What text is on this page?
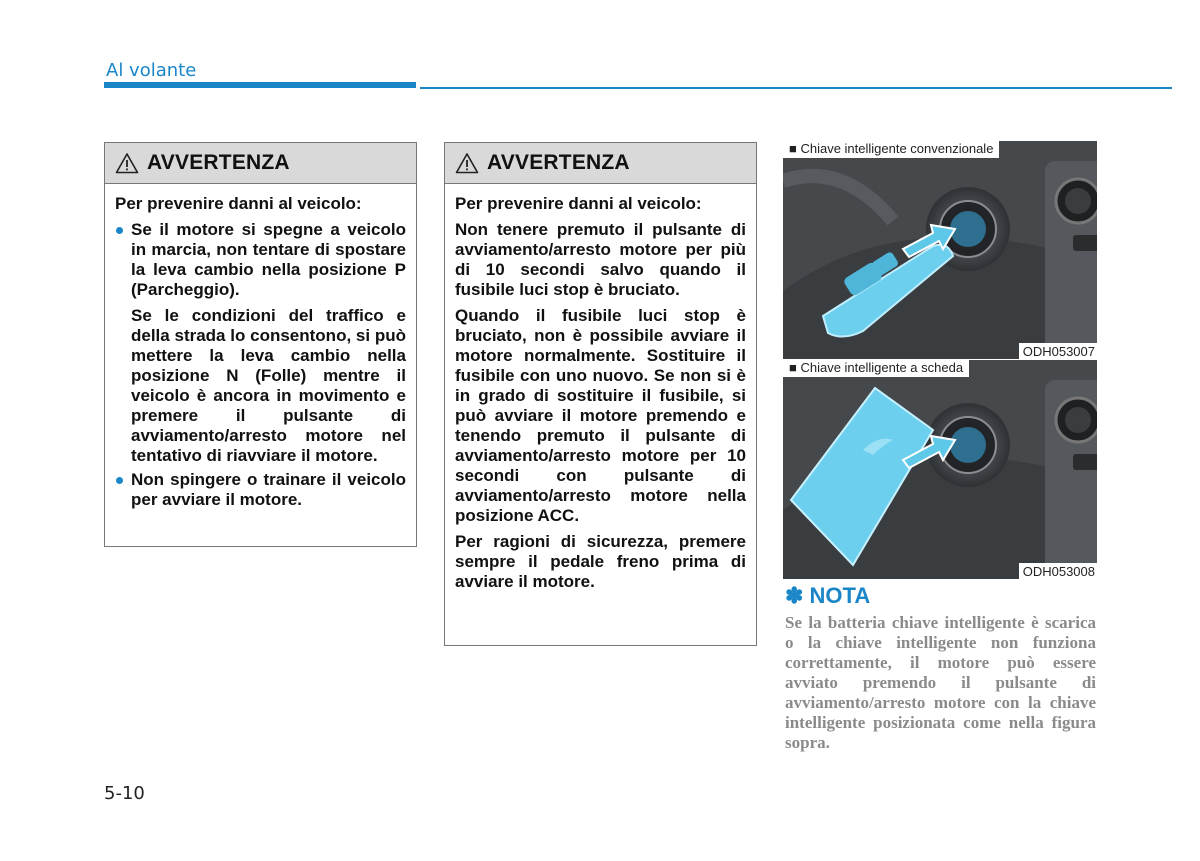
Al volante
AVVERTENZA

Per prevenire danni al veicolo:

Se il motore si spegne a veicolo in marcia, non tentare di spostare la leva cambio nella posizione P (Parcheggio).

Se le condizioni del traffico e della strada lo consentono, si può mettere la leva cambio nella posizione N (Folle) mentre il veicolo è ancora in movimento e premere il pulsante di avviamento/arresto motore nel tentativo di riavviare il motore.

Non spingere o trainare il veicolo per avviare il motore.
AVVERTENZA

Per prevenire danni al veicolo:

Non tenere premuto il pulsante di avviamento/arresto motore per più di 10 secondi salvo quando il fusibile luci stop è bruciato.

Quando il fusibile luci stop è bruciato, non è possibile avviare il motore normalmente. Sostituire il fusibile con uno nuovo. Se non si è in grado di sostituire il fusibile, si può avviare il motore premendo e tenendo premuto il pulsante di avviamento/arresto motore per 10 secondi con pulsante di avviamento/arresto motore nella posizione ACC.

Per ragioni di sicurezza, premere sempre il pedale freno prima di avviare il motore.

■ Chiave intelligente convenzionale
ODH053007
■ Chiave intelligente a scheda
ODH053008
✽ NOTA
Se la batteria chiave intelligente è scarica o la chiave intelligente non funziona correttamente, il motore può essere avviato premendo il pulsante di avviamento/arresto motore con la chiave intelligente posizionata come nella figura sopra.
5-10
